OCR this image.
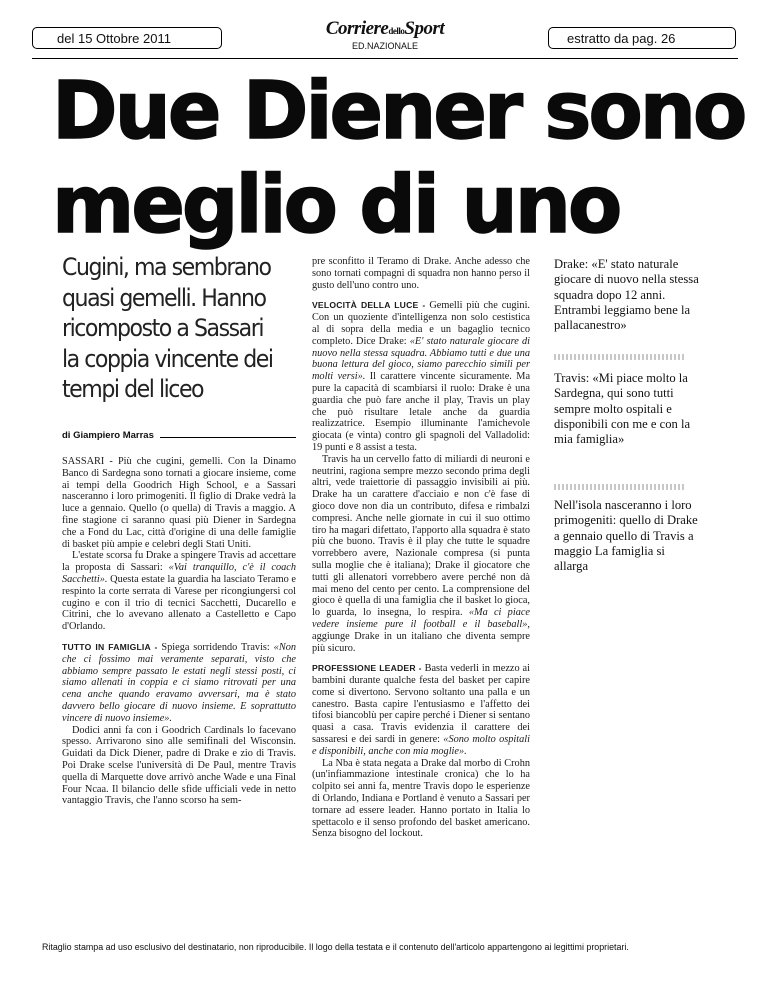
del 15 Ottobre 2011	CorrieredelloSport
ED.NAZIONALE	estratto da pag. 26
Due Diener sono
meglio di uno
Cugini, ma sembrano quasi gemelli. Hanno ricomposto a Sassari la coppia vincente dei tempi del liceo
di Giampiero Marras

SASSARI - Più che cugini, gemelli. Con la Dinamo Banco di Sardegna sono tornati a giocare insieme, come ai tempi della Goodrich High School, e a Sassari nasceranno i loro primogeniti. Il figlio di Drake vedrà la luce a gennaio. Quello (o quella) di Travis a maggio. A fine stagione ci saranno quasi più Diener in Sardegna che a Fond du Lac, città d'origine di una delle famiglie di basket più ampie e celebri degli Stati Uniti.

L'estate scorsa fu Drake a spingere Travis ad accettare la proposta di Sassari: «Vai tranquillo, c'è il coach Sacchetti». Questa estate la guardia ha lasciato Teramo e respinto la corte serrata di Varese per ricongiungersi col cugino e con il trio di tecnici Sacchetti, Ducarello e Citrini, che lo avevano allenato a Castelletto e Capo d'Orlando.

TUTTO IN FAMIGLIA - Spiega sorridendo Travis: «Non che ci fossimo mai veramente separati, visto che abbiamo sempre passato le estati negli stessi posti, ci siamo allenati in coppia e ci siamo ritrovati per una cena anche quando eravamo avversari, ma è stato davvero bello giocare di nuovo insieme. E soprattutto vincere di nuovo insieme».

Dodici anni fa con i Goodrich Cardinals lo facevano spesso. Arrivarono sino alle semifinali del Wisconsin. Guidati da Dick Diener, padre di Drake e zio di Travis. Poi Drake scelse l'università di De Paul, mentre Travis quella di Marquette dove arrivò anche Wade e una Final Four Ncaa. Il bilancio delle sfide ufficiali vede in netto vantaggio Travis, che l'anno scorso ha sem-

pre sconfitto il Teramo di Drake. Anche adesso che sono tornati compagni di squadra non hanno perso il gusto dell'uno contro uno.

VELOCITÀ DELLA LUCE - Gemelli più che cugini. Con un quoziente d'intelligenza non solo cestistica al di sopra della media e un bagaglio tecnico completo. Dice Drake: «E' stato naturale giocare di nuovo nella stessa squadra. Abbiamo tutti e due una buona lettura del gioco, siamo parecchio simili per molti versi». Il carattere vincente sicuramente. Ma pure la capacità di scambiarsi il ruolo: Drake è una guardia che può fare anche il play, Travis un play che può risultare letale anche da guardia realizzatrice. Esempio illuminante l'amichevole giocata (e vinta) contro gli spagnoli del Valladolid: 19 punti e 8 assist a testa.

Travis ha un cervello fatto di miliardi di neuroni e neutrini, ragiona sempre mezzo secondo prima degli altri, vede traiettorie di passaggio invisibili ai più. Drake ha un carattere d'acciaio e non c'è fase di gioco dove non dia un contributo, difesa e rimbalzi compresi. Anche nelle giornate in cui il suo ottimo tiro ha magari difettato, l'apporto alla squadra è stato più che buono. Travis è il play che tutte le squadre vorrebbero avere, Nazionale compresa (si punta sulla moglie che è italiana); Drake il giocatore che tutti gli allenatori vorrebbero avere perché non dà mai meno del cento per cento. La comprensione del gioco è quella di una famiglia che il basket lo gioca, lo guarda, lo insegna, lo respira. «Ma ci piace vedere insieme pure il football e il baseball», aggiunge Drake in un italiano che diventa sempre più sicuro.

PROFESSIONE LEADER - Basta vederli in mezzo ai bambini durante qualche festa del basket per capire come si divertono. Servono soltanto una palla e un canestro. Basta capire l'entusiasmo e l'affetto dei tifosi biancoblù per capire perché i Diener si sentano quasi a casa. Travis evidenzia il carattere dei sassaresi e dei sardi in genere: «Sono molto ospitali e disponibili, anche con mia moglie».

La Nba è stata negata a Drake dal morbo di Crohn (un'infiammazione intestinale cronica) che lo ha colpito sei anni fa, mentre Travis dopo le esperienze di Orlando, Indiana e Portland è venuto a Sassari per tornare ad essere leader. Hanno portato in Italia lo spettacolo e il senso profondo del basket americano. Senza bisogno del lockout.

Drake: «E' stato naturale giocare di nuovo nella stessa squadra dopo 12 anni. Entrambi leggiamo bene la pallacanestro»
Travis: «Mi piace molto la Sardegna, qui sono tutti sempre molto ospitali e disponibili con me e con la mia famiglia»
Nell'isola nasceranno i loro primogeniti: quello di Drake a gennaio quello di Travis a maggio La famiglia si allarga
Ritaglio stampa ad uso esclusivo del destinatario, non riproducibile. Il logo della testata e il contenuto dell'articolo appartengono ai legittimi proprietari.
